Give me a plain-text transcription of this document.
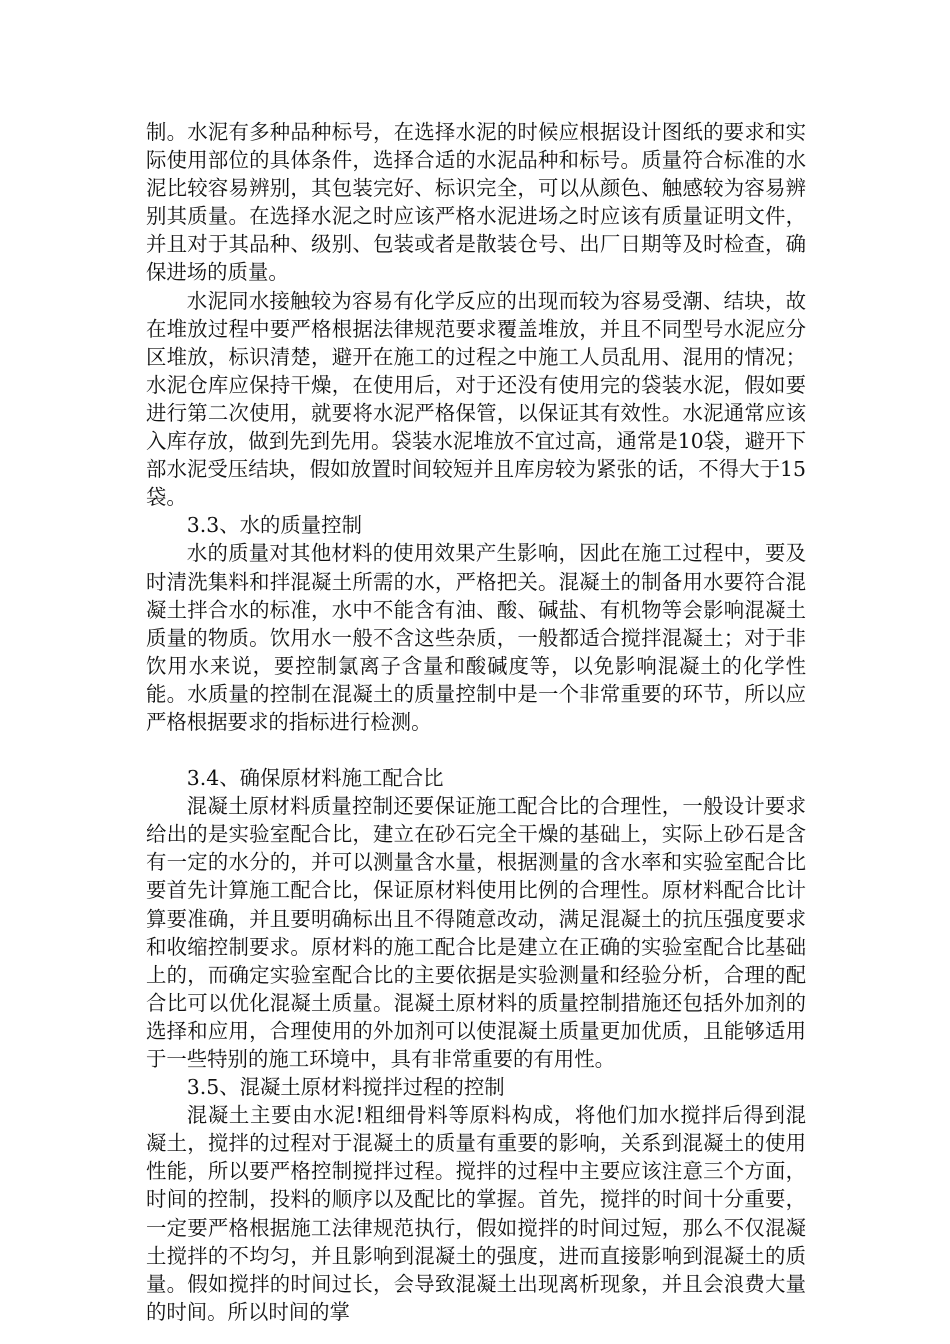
制。水泥有多种品种标号，在选择水泥的时候应根据设计图纸的要求和实际使用部位的具体条件，选择合适的水泥品种和标号。质量符合标准的水泥比较容易辨别，其包装完好、标识完全，可以从颜色、触感较为容易辨别其质量。在选择水泥之时应该严格水泥进场之时应该有质量证明文件，并且对于其品种、级别、包装或者是散装仓号、出厂日期等及时检查，确保进场的质量。

水泥同水接触较为容易有化学反应的出现而较为容易受潮、结块，故在堆放过程中要严格根据法律规范要求覆盖堆放，并且不同型号水泥应分区堆放，标识清楚，避开在施工的过程之中施工人员乱用、混用的情况；水泥仓库应保持干燥，在使用后，对于还没有使用完的袋装水泥，假如要进行第二次使用，就要将水泥严格保管，以保证其有效性。水泥通常应该入库存放，做到先到先用。袋装水泥堆放不宜过高，通常是10袋，避开下部水泥受压结块，假如放置时间较短并且库房较为紧张的话，不得大于15袋。

3.3、水的质量控制

水的质量对其他材料的使用效果产生影响，因此在施工过程中，要及时清洗集料和拌混凝土所需的水，严格把关。混凝土的制备用水要符合混凝土拌合水的标准，水中不能含有油、酸、碱盐、有机物等会影响混凝土质量的物质。饮用水一般不含这些杂质，一般都适合搅拌混凝土；对于非饮用水来说，要控制氯离子含量和酸碱度等，以免影响混凝土的化学性能。水质量的控制在混凝土的质量控制中是一个非常重要的环节，所以应严格根据要求的指标进行检测。

3.4、确保原材料施工配合比

混凝土原材料质量控制还要保证施工配合比的合理性，一般设计要求给出的是实验室配合比，建立在砂石完全干燥的基础上，实际上砂石是含有一定的水分的，并可以测量含水量，根据测量的含水率和实验室配合比要首先计算施工配合比，保证原材料使用比例的合理性。原材料配合比计算要准确，并且要明确标出且不得随意改动，满足混凝土的抗压强度要求和收缩控制要求。原材料的施工配合比是建立在正确的实验室配合比基础上的，而确定实验室配合比的主要依据是实验测量和经验分析，合理的配合比可以优化混凝土质量。混凝土原材料的质量控制措施还包括外加剂的选择和应用，合理使用的外加剂可以使混凝土质量更加优质，且能够适用于一些特别的施工环境中，具有非常重要的有用性。

3.5、混凝土原材料搅拌过程的控制

混凝土主要由水泥!粗细骨料等原料构成，将他们加水搅拌后得到混凝土，搅拌的过程对于混凝土的质量有重要的影响，关系到混凝土的使用性能，所以要严格控制搅拌过程。搅拌的过程中主要应该注意三个方面，时间的控制，投料的顺序以及配比的掌握。首先，搅拌的时间十分重要，一定要严格根据施工法律规范执行，假如搅拌的时间过短，那么不仅混凝土搅拌的不均匀，并且影响到混凝土的强度，进而直接影响到混凝土的质量。假如搅拌的时间过长，会导致混凝土出现离析现象，并且会浪费大量的时间。所以时间的掌
